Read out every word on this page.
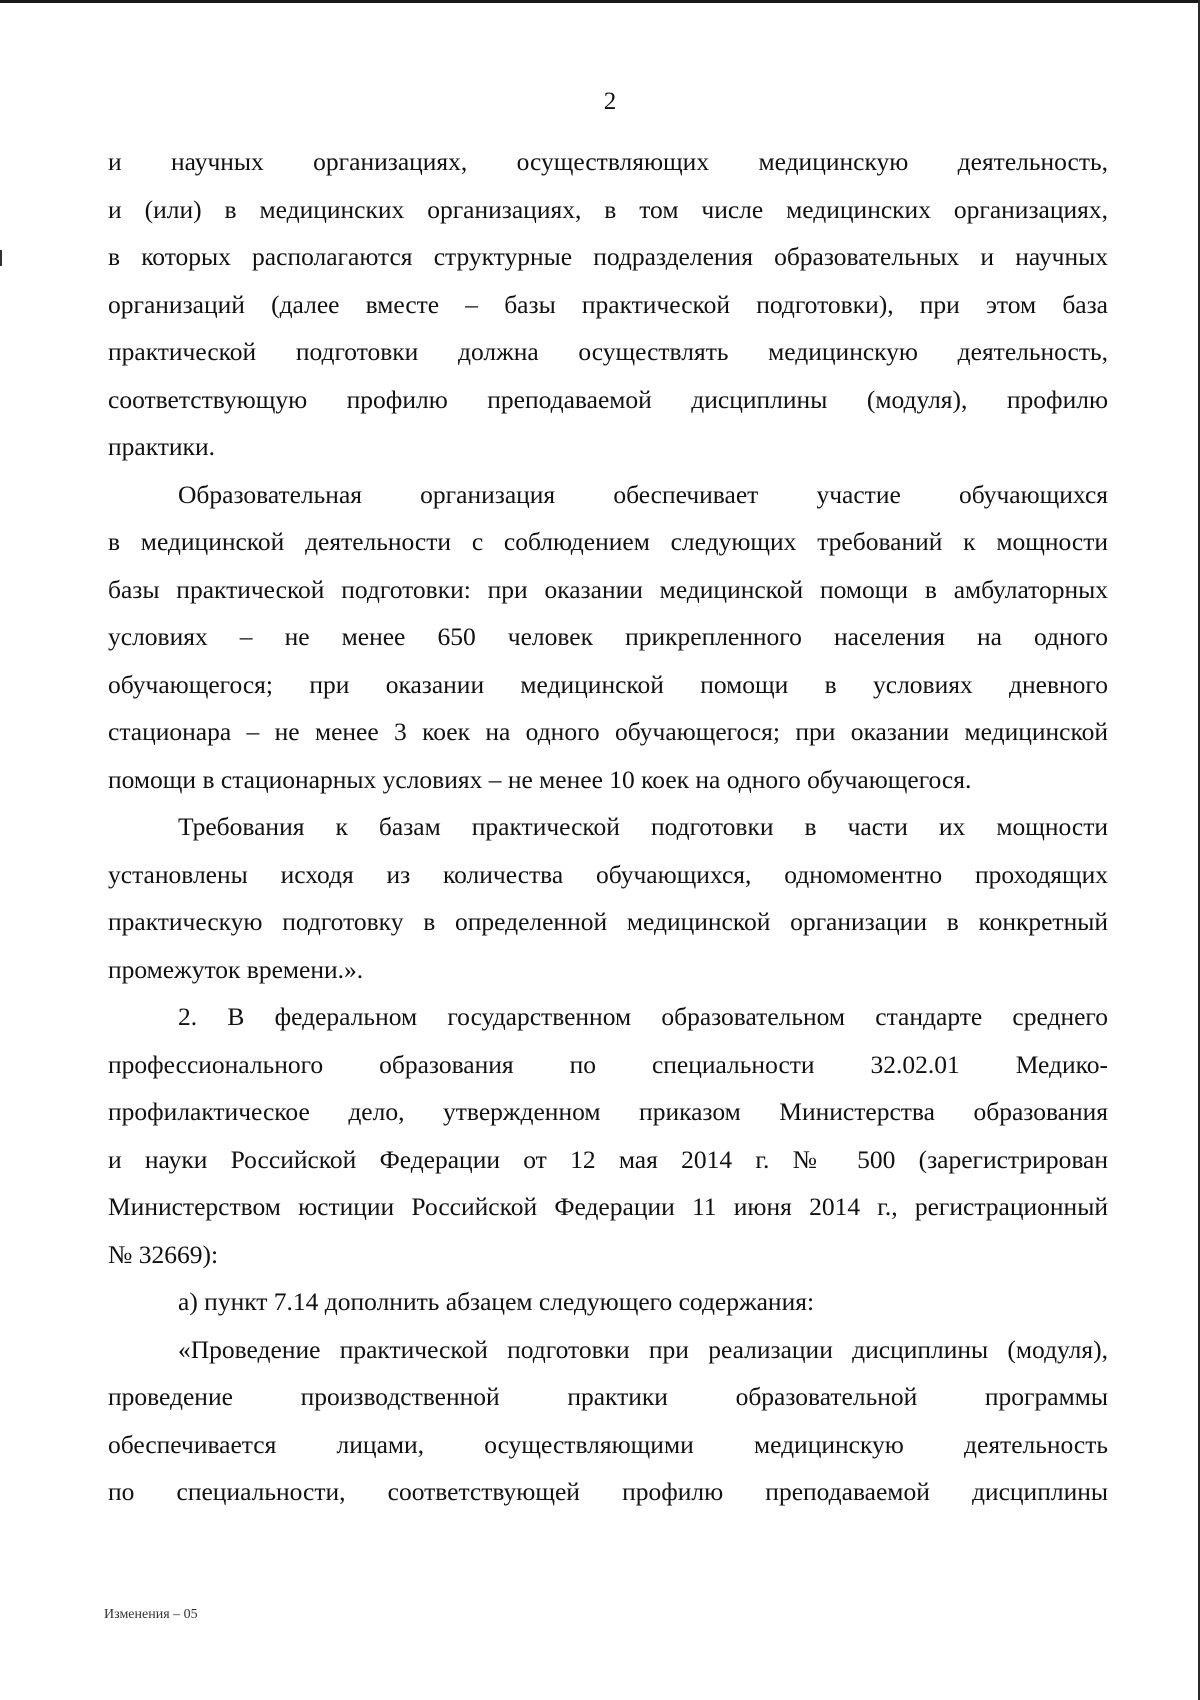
2
и научных организациях, осуществляющих медицинскую деятельность,
и (или) в медицинских организациях, в том числе медицинских организациях,
в которых располагаются структурные подразделения образовательных и научных
организаций (далее вместе – базы практической подготовки), при этом база
практической подготовки должна осуществлять медицинскую деятельность,
соответствующую профилю преподаваемой дисциплины (модуля), профилю
практики.
Образовательная организация обеспечивает участие обучающихся
в медицинской деятельности с соблюдением следующих требований к мощности
базы практической подготовки: при оказании медицинской помощи в амбулаторных
условиях – не менее 650 человек прикрепленного населения на одного
обучающегося; при оказании медицинской помощи в условиях дневного
стационара – не менее 3 коек на одного обучающегося; при оказании медицинской
помощи в стационарных условиях – не менее 10 коек на одного обучающегося.
Требования к базам практической подготовки в части их мощности
установлены исходя из количества обучающихся, одномоментно проходящих
практическую подготовку в определенной медицинской организации в конкретный
промежуток времени.».
2. В федеральном государственном образовательном стандарте среднего
профессионального образования по специальности 32.02.01 Медико-
профилактическое дело, утвержденном приказом Министерства образования
и науки Российской Федерации от 12 мая 2014 г. № 500 (зарегистрирован
Министерством юстиции Российской Федерации 11 июня 2014 г., регистрационный
№ 32669):
а) пункт 7.14 дополнить абзацем следующего содержания:
«Проведение практической подготовки при реализации дисциплины (модуля),
проведение производственной практики образовательной программы
обеспечивается лицами, осуществляющими медицинскую деятельность
по специальности, соответствующей профилю преподаваемой дисциплины
Изменения – 05
